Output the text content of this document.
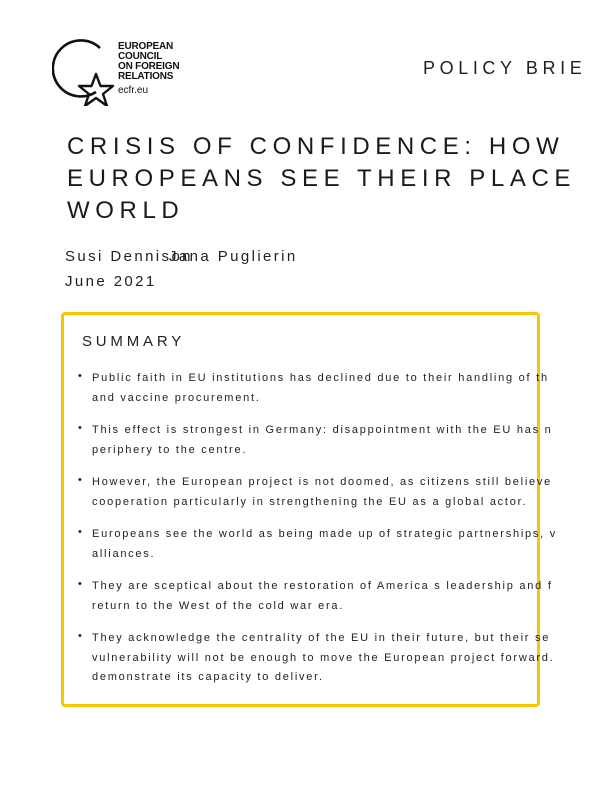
EUROPEAN
COUNCIL
ON FOREIGN
RELATIONS
ecfr.eu
POLICY BRIE
CRISIS OF CONFIDENCE: HOW
EUROPEANS SEE THEIR PLACE
WORLD
Susi Dennison
Jana Puglierin
June 2021
SUMMARY
• Public faith in EU institutions has declined due to their handling of th
and vaccine procurement.
• This effect is strongest in Germany: disappointment with the EU has n
periphery to the centre.
• However, the European project is not doomed, as citizens still believe
cooperation particularly in strengthening the EU as a global actor.
• Europeans see the world as being made up of strategic partnerships, v
alliances.
• They are sceptical about the restoration of America s leadership and f
return to the West of the cold war era.
• They acknowledge the centrality of the EU in their future, but their se
vulnerability will not be enough to move the European project forward.
demonstrate its capacity to deliver.
